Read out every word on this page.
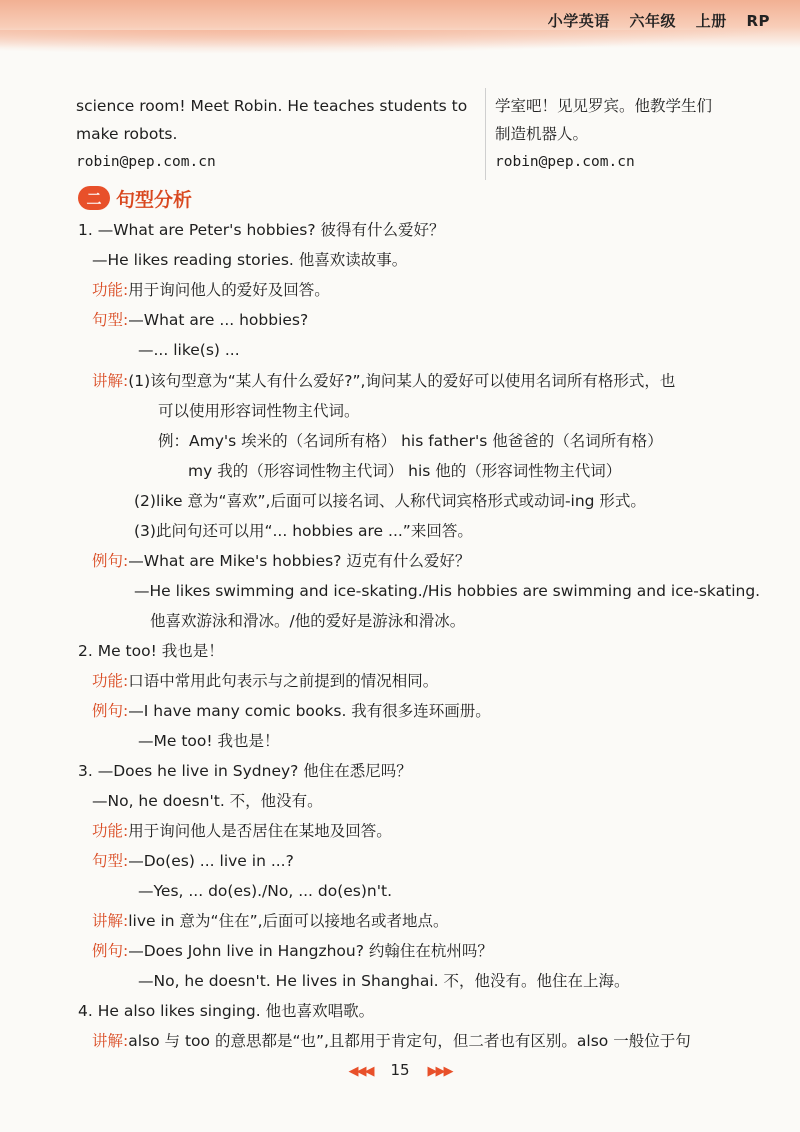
小学英语 六年级 上册 RP
science room! Meet Robin. He teaches students to
make robots.
robin@pep.com.cn
学室吧！见见罗宾。他教学生们
制造机器人。
robin@pep.com.cn
二 句型分析
1. —What are Peter's hobbies? 彼得有什么爱好？
—He likes reading stories. 他喜欢读故事。
功能:用于询问他人的爱好及回答。
句型:—What are ... hobbies?
—... like(s) ...
讲解:(1)该句型意为“某人有什么爱好?”,询问某人的爱好可以使用名词所有格形式，也
可以使用形容词性物主代词。
例：Amy's 埃米的（名词所有格） his father's 他爸爸的（名词所有格）
my 我的（形容词性物主代词） his 他的（形容词性物主代词）
(2)like 意为“喜欢”,后面可以接名词、人称代词宾格形式或动词-ing 形式。
(3)此问句还可以用“... hobbies are ...”来回答。
例句:—What are Mike's hobbies? 迈克有什么爱好？
—He likes swimming and ice-skating./His hobbies are swimming and ice-skating.
他喜欢游泳和滑冰。/他的爱好是游泳和滑冰。
2. Me too! 我也是！
功能:口语中常用此句表示与之前提到的情况相同。
例句:—I have many comic books. 我有很多连环画册。
—Me too! 我也是！
3. —Does he live in Sydney? 他住在悉尼吗？
—No, he doesn't. 不，他没有。
功能:用于询问他人是否居住在某地及回答。
句型:—Do(es) ... live in ...?
—Yes, ... do(es)./No, ... do(es)n't.
讲解:live in 意为“住在”,后面可以接地名或者地点。
例句:—Does John live in Hangzhou? 约翰住在杭州吗？
—No, he doesn't. He lives in Shanghai. 不，他没有。他住在上海。
4. He also likes singing. 他也喜欢唱歌。
讲解:also 与 too 的意思都是“也”,且都用于肯定句，但二者也有区别。also 一般位于句
◀◀◀ 15 ▶▶▶
